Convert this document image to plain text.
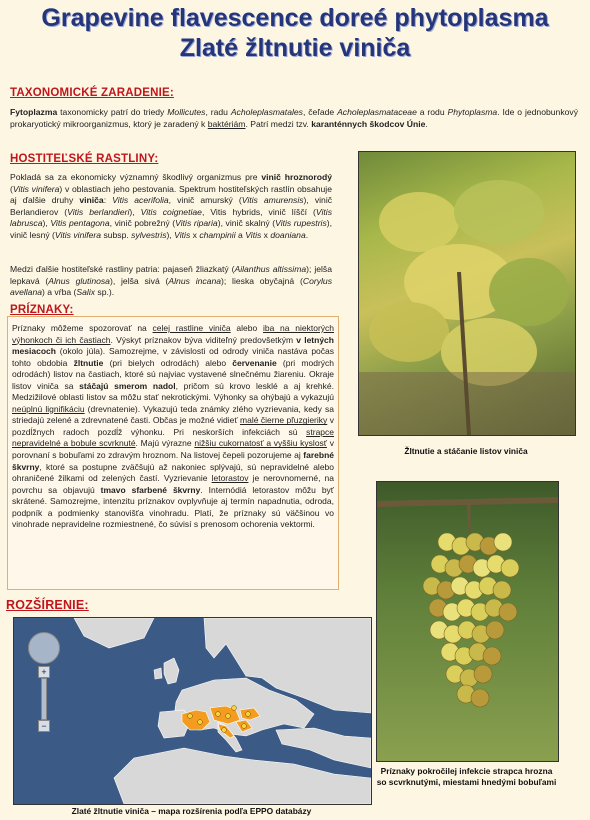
Grapevine flavescence doreé phytoplasma
Zlaté žltnutie viniča
TAXONOMICKÉ ZARADENIE:
Fytoplazma taxonomicky patrí do triedy Mollicutes, radu Acholeplasmatales, čeľade Acholeplasmataceae a rodu Phytoplasma. Ide o jednobunkový prokaryotický mikroorganizmus, ktorý je zaradený k baktériám. Patrí medzi tzv. karanténnych škodcov Únie.
HOSTITEĽSKÉ RASTLINY:
Pokladá sa za ekonomicky významný škodlivý organizmus pre vinič hroznorodý (Vitis vinifera) v oblastiach jeho pestovania. Spektrum hostiteľských rastlín obsahuje aj ďalšie druhy viniča: Vitis acerifolia, vinič amurský (Vitis amurensis), vinič Berlandierov (Vitis berlandieri), Vitis coignetiae, Vitis hybrids, vinič líščí (Vitis labrusca), Vitis pentagona, vinič pobrežný (Vitis riparia), vinič skalný (Vitis rupestris), vinič lesný (Vitis vinifera subsp. sylvestris), Vitis x champinii a Vitis x doaniana.
Medzi ďalšie hostiteľské rastliny patria: pajaseň žliazkatý (Ailanthus altissima); jelša lepkavá (Alnus glutinosa), jelša sivá (Alnus incana); lieska obyčajná (Corylus avellana) a vŕba (Salix sp.).
PRÍZNAKY:
Príznaky môžeme spozorovať na celej rastline viniča alebo iba na niektorých výhonkoch či ich častiach. Výskyt príznakov býva viditeľný predovšetkým v letných mesiacoch (okolo júla). Samozrejme, v závislosti od odrody viniča nastáva počas tohto obdobia žltnutie (pri bielych odrodách) alebo červenanie (pri modrých odrodách) listov na častiach, ktoré sú najviac vystavené slnečnému žiareniu. Okraje listov viniča sa stáčajú smerom nadol, pričom sú krovo lesklé a aj krehké. Medzižilové oblasti listov sa môžu stať nekrotickými. Výhonky sa ohýbajú a vykazujú neúplnú lignifikáciu (drevnatenie). Vykazujú teda známky zlého vyzrievania, kedy sa striedajú zelené a zdrevnatené časti. Občas je možné vidieť malé čierne pľuzgieriky v pozdĺžnych radoch pozdĺž výhonku. Pri neskorších infekciách sú strapce nepravidelné a bobule scvrknuté. Majú výrazne nižšiu cukornatosť a vyššiu kyslosť v porovnaní s bobuľami zo zdravým hroznom. Na listovej čepeli pozorujeme aj farebné škvrny, ktoré sa postupne zväčšujú až nakoniec splývajú, sú nepravidelné alebo ohraničené žilkami od zelených častí. Vyzrievanie letorastov je nerovnomerné, na povrchu sa objavujú tmavo sfarbené škvrny. Internódiá letorastov môžu byť skrátené. Samozrejme, intenzitu príznakov ovplyvňuje aj termín napadnutia, odroda, podpník a podmienky stanovišťa vinohradu. Platí, že príznaky sú väčšinou vo vinohrade nepravidelne rozmiestnené, čo súvisí s prenosom ochorenia vektormi.
ROZŠÍRENIE:
+
−
Zlaté žltnutie viniča – mapa rozšírenia podľa EPPO databázy
Žltnutie a stáčanie listov viniča
Príznaky pokročilej infekcie strapca hrozna so scvrknutými, miestami hnedými bobuľami
